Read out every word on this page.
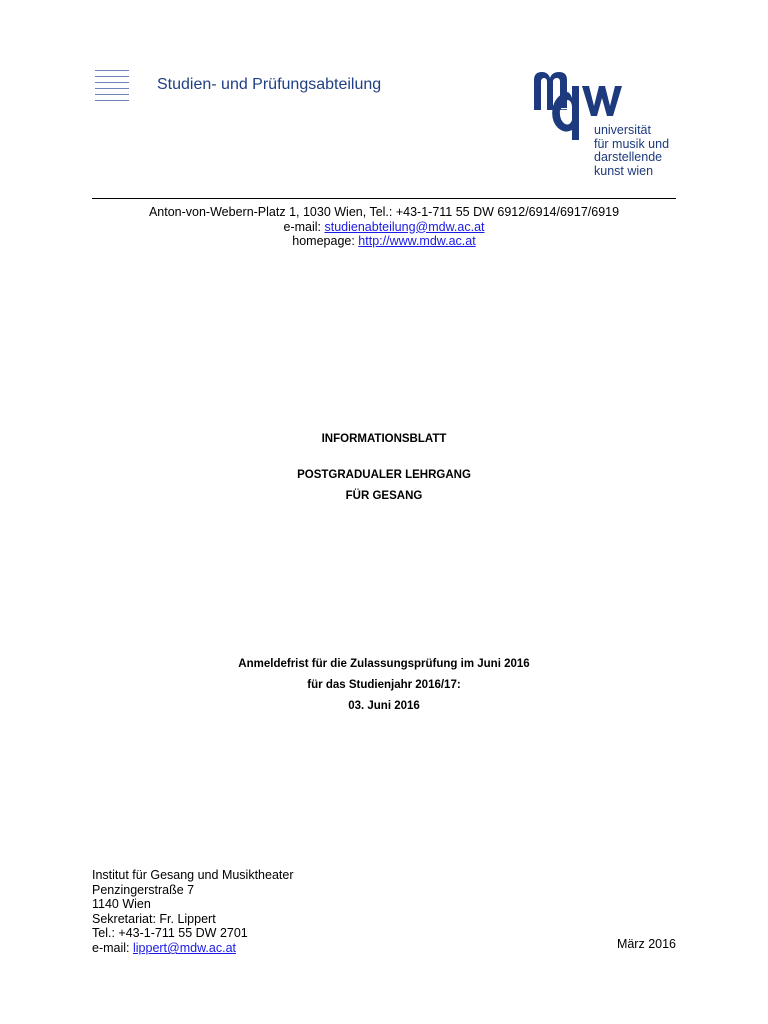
Studien- und Prüfungsabteilung
universität
für musik und
darstellende
kunst wien
Anton-von-Webern-Platz 1, 1030 Wien, Tel.: +43-1-711 55 DW 6912/6914/6917/6919
e-mail: studienabteilung@mdw.ac.at
homepage: http://www.mdw.ac.at
INFORMATIONSBLATT
POSTGRADUALER LEHRGANG
FÜR GESANG
Anmeldefrist für die Zulassungsprüfung im Juni 2016
für das Studienjahr 2016/17:
03. Juni 2016
Institut für Gesang und Musiktheater
Penzingerstraße 7
1140 Wien
Sekretariat: Fr. Lippert
Tel.: +43-1-711 55 DW 2701
e-mail: lippert@mdw.ac.at	März 2016
